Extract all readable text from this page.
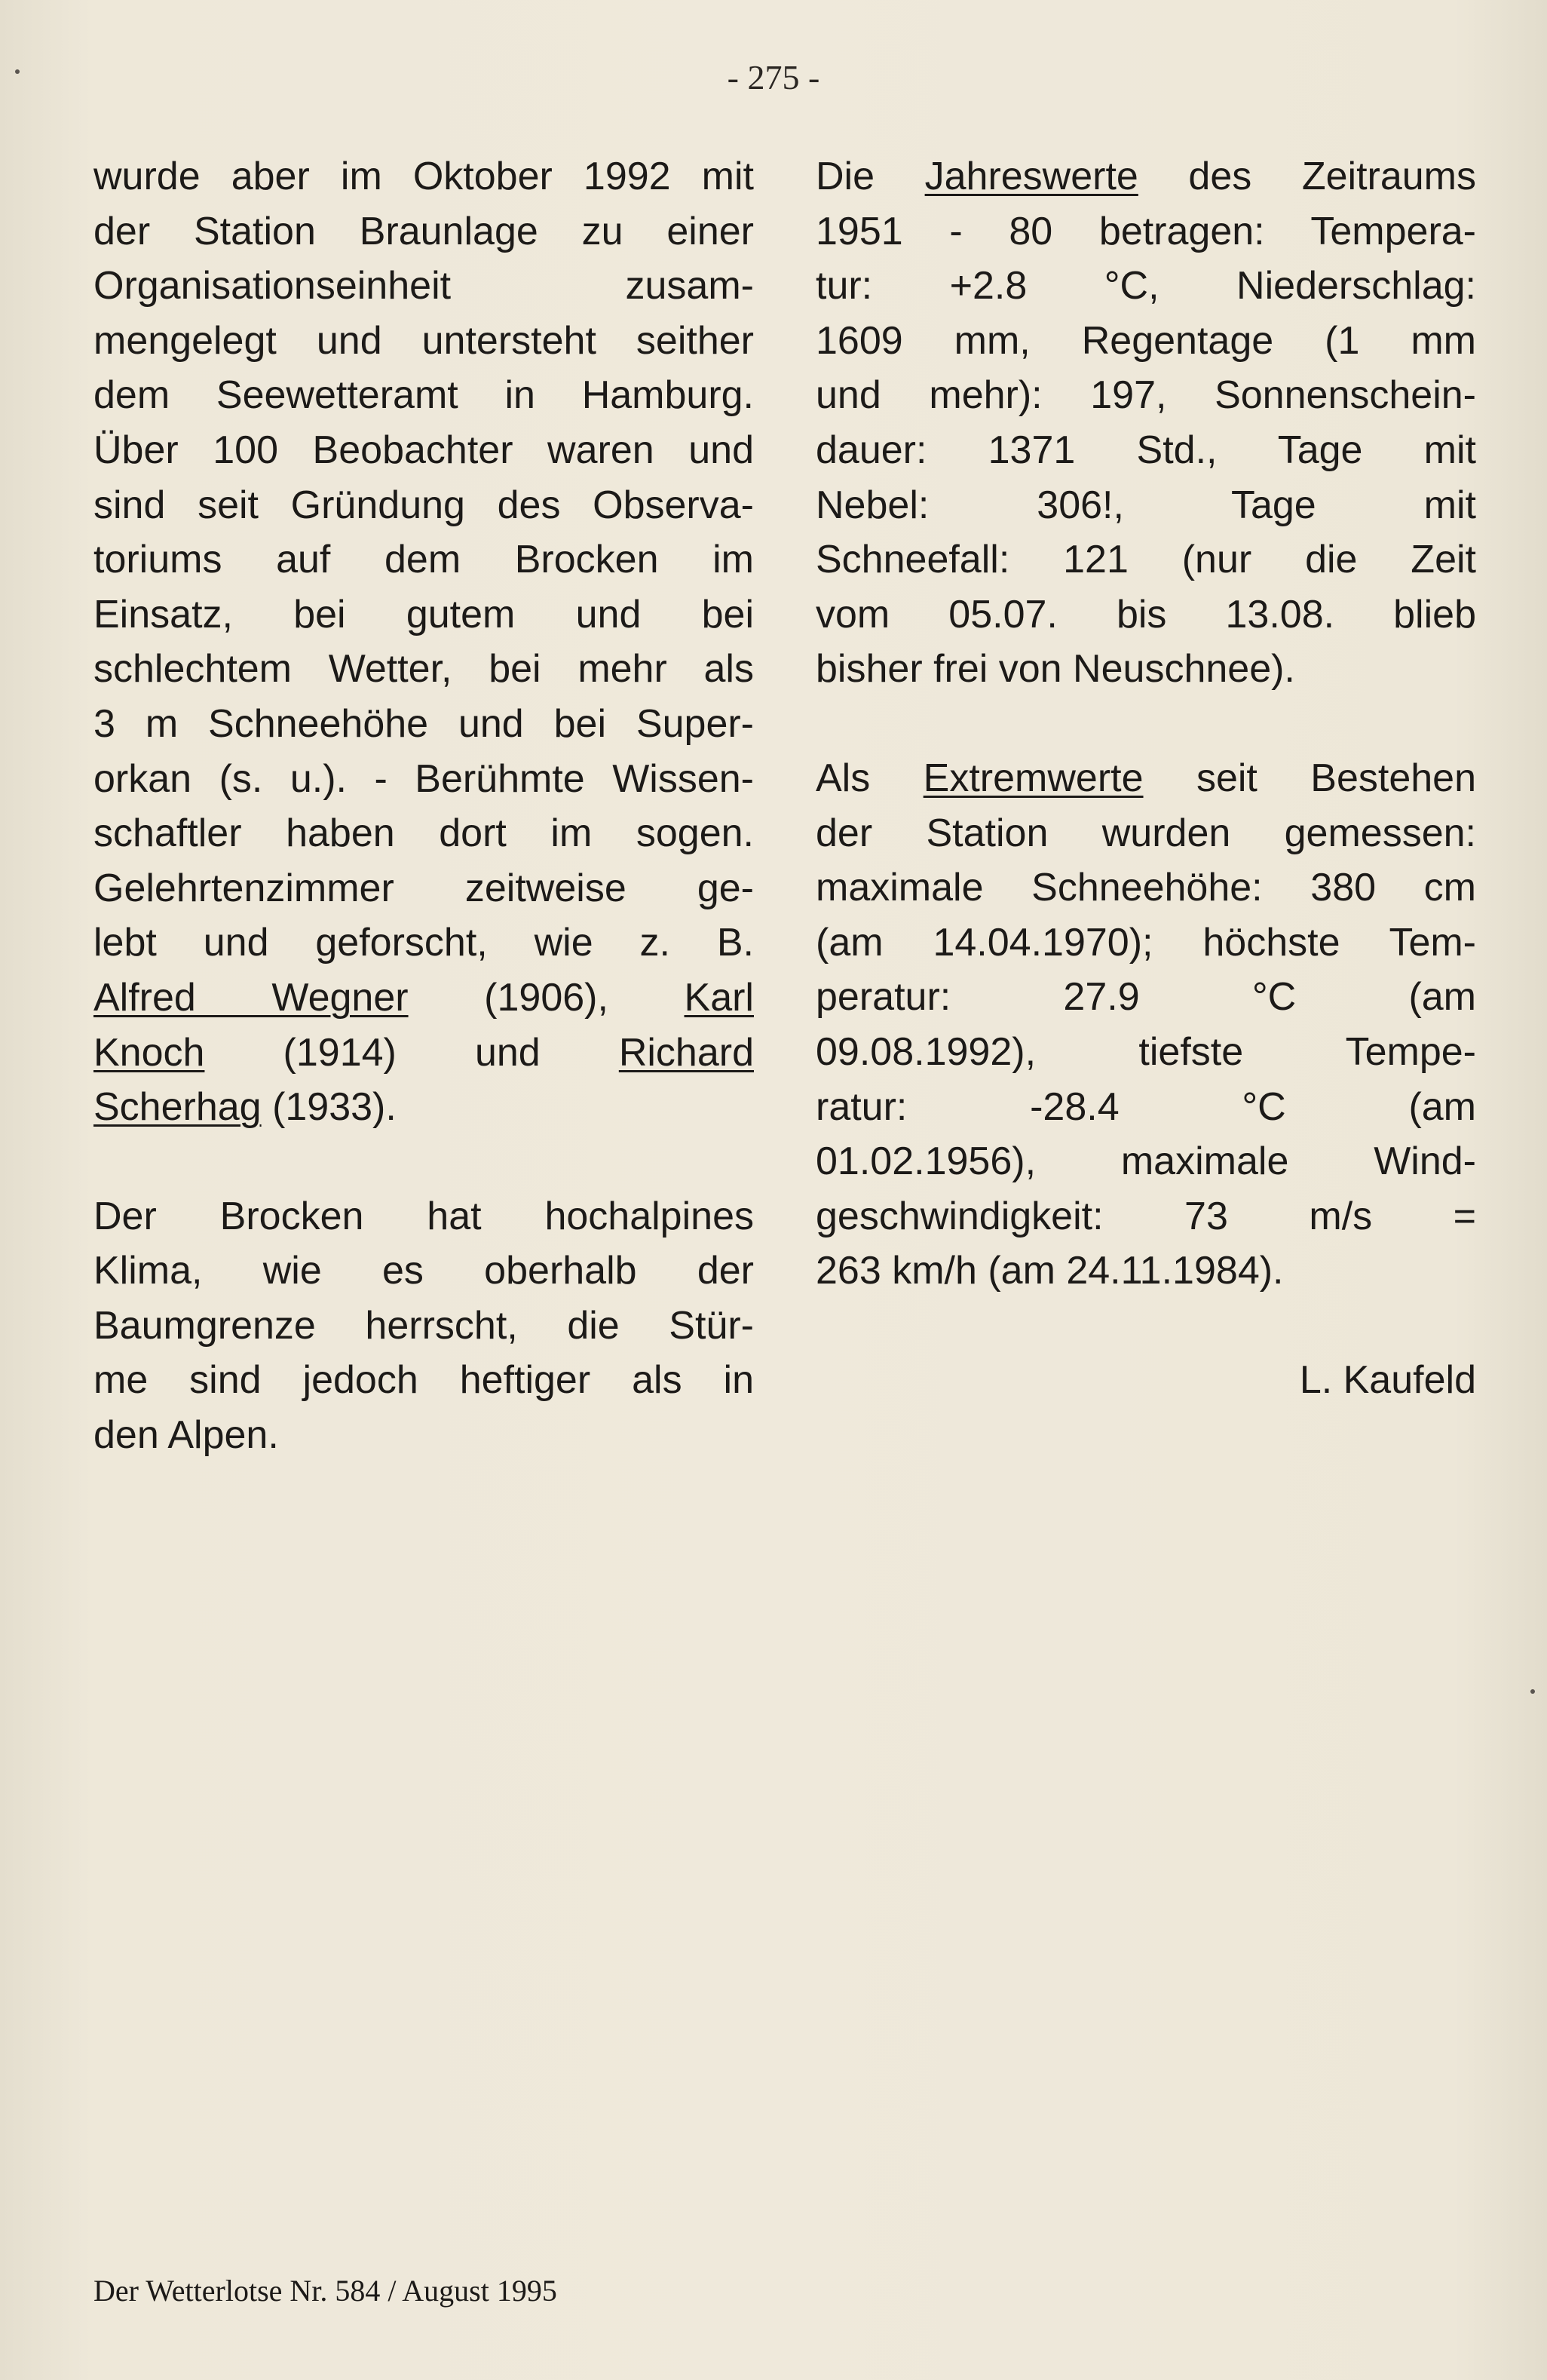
- 275 -
wurde aber im Oktober 1992 mit
der Station Braunlage zu einer
Organisationseinheit zusam-
mengelegt und untersteht seither
dem Seewetteramt in Hamburg.
Über 100 Beobachter waren und
sind seit Gründung des Observa-
toriums auf dem Brocken im
Einsatz, bei gutem und bei
schlechtem Wetter, bei mehr als
3 m Schneehöhe und bei Super-
orkan (s. u.). - Berühmte Wissen-
schaftler haben dort im sogen.
Gelehrtenzimmer zeitweise ge-
lebt und geforscht, wie z. B.
Alfred Wegner (1906), Karl
Knoch (1914) und Richard
Scherhag (1933).
Der Brocken hat hochalpines
Klima, wie es oberhalb der
Baumgrenze herrscht, die Stür-
me sind jedoch heftiger als in
den Alpen.
Die Jahreswerte des Zeitraums
1951 - 80 betragen: Tempera-
tur: +2.8 °C, Niederschlag:
1609 mm, Regentage (1 mm
und mehr): 197, Sonnenschein-
dauer: 1371 Std., Tage mit
Nebel: 306!, Tage mit
Schneefall: 121 (nur die Zeit
vom 05.07. bis 13.08. blieb
bisher frei von Neuschnee).
Als Extremwerte seit Bestehen
der Station wurden gemessen:
maximale Schneehöhe: 380 cm
(am 14.04.1970); höchste Tem-
peratur: 27.9 °C (am
09.08.1992), tiefste Tempe-
ratur: -28.4 °C (am
01.02.1956), maximale Wind-
geschwindigkeit: 73 m/s =
263 km/h (am 24.11.1984).
L. Kaufeld
Der Wetterlotse Nr. 584 / August 1995
